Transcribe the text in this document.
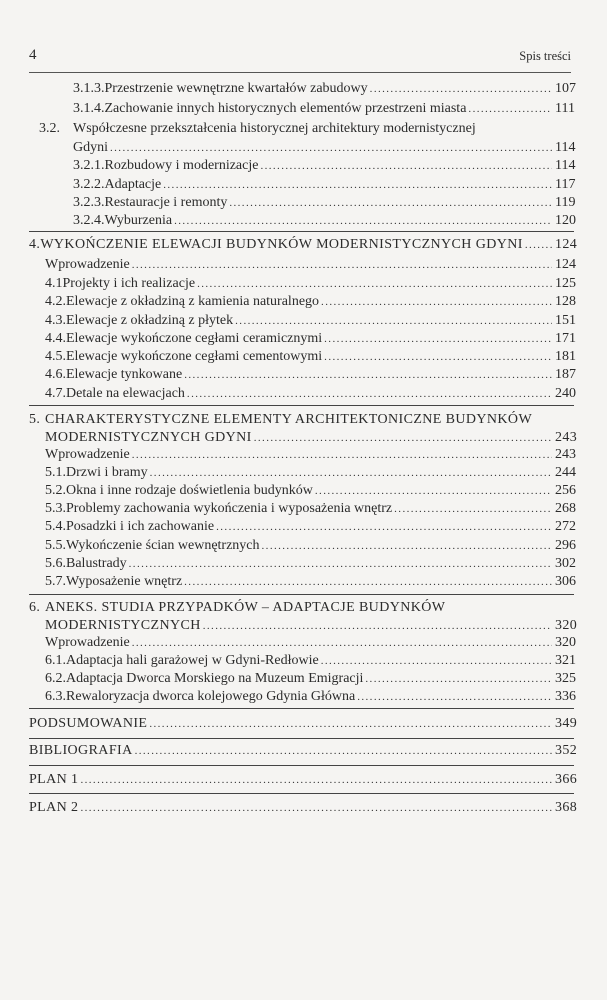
4	Spis treści
3.1.3. Przestrzenie wewnętrzne kwartałów zabudowy .....	107
3.1.4. Zachowanie innych historycznych elementów przestrzeni miasta .....	111
3.2. Współczesne przekształcenia historycznej architektury modernistycznej
Gdyni .....	114
3.2.1. Rozbudowy i modernizacje .....	114
3.2.2. Adaptacje .....	117
3.2.3. Restauracje i remonty .....	119
3.2.4. Wyburzenia .....	120
4. WYKOŃCZENIE ELEWACJI BUDYNKÓW MODERNISTYCZNYCH GDYNI ..... 124
Wprowadzenie .....	124
4.1 Projekty i ich realizacje .....	125
4.2. Elewacje z okładziną z kamienia naturalnego .....	128
4.3. Elewacje z okładziną z płytek .....	151
4.4. Elewacje wykończone cegłami ceramicznymi .....	171
4.5. Elewacje wykończone cegłami cementowymi .....	181
4.6. Elewacje tynkowane .....	187
4.7. Detale na elewacjach .....	240
5. CHARAKTERYSTYCZNE ELEMENTY ARCHITEKTONICZNE BUDYNKÓW
MODERNISTYCZNYCH GDYNI .....	243
Wprowadzenie .....	243
5.1. Drzwi i bramy .....	244
5.2. Okna i inne rodzaje doświetlenia budynków .....	256
5.3. Problemy zachowania wykończenia i wyposażenia wnętrz .....	268
5.4. Posadzki i ich zachowanie .....	272
5.5. Wykończenie ścian wewnętrznych .....	296
5.6. Balustrady .....	302
5.7. Wyposażenie wnętrz .....	306
6. ANEKS. STUDIA PRZYPADKÓW – ADAPTACJE BUDYNKÓW
MODERNISTYCZNYCH .....	320
Wprowadzenie .....	320
6.1. Adaptacja hali garażowej w Gdyni-Redłowie .....	321
6.2. Adaptacja Dworca Morskiego na Muzeum Emigracji .....	325
6.3. Rewaloryzacja dworca kolejowego Gdynia Główna .....	336
PODSUMOWANIE .....	349
BIBLIOGRAFIA .....	352
PLAN 1 .....	366
PLAN 2 .....	368
